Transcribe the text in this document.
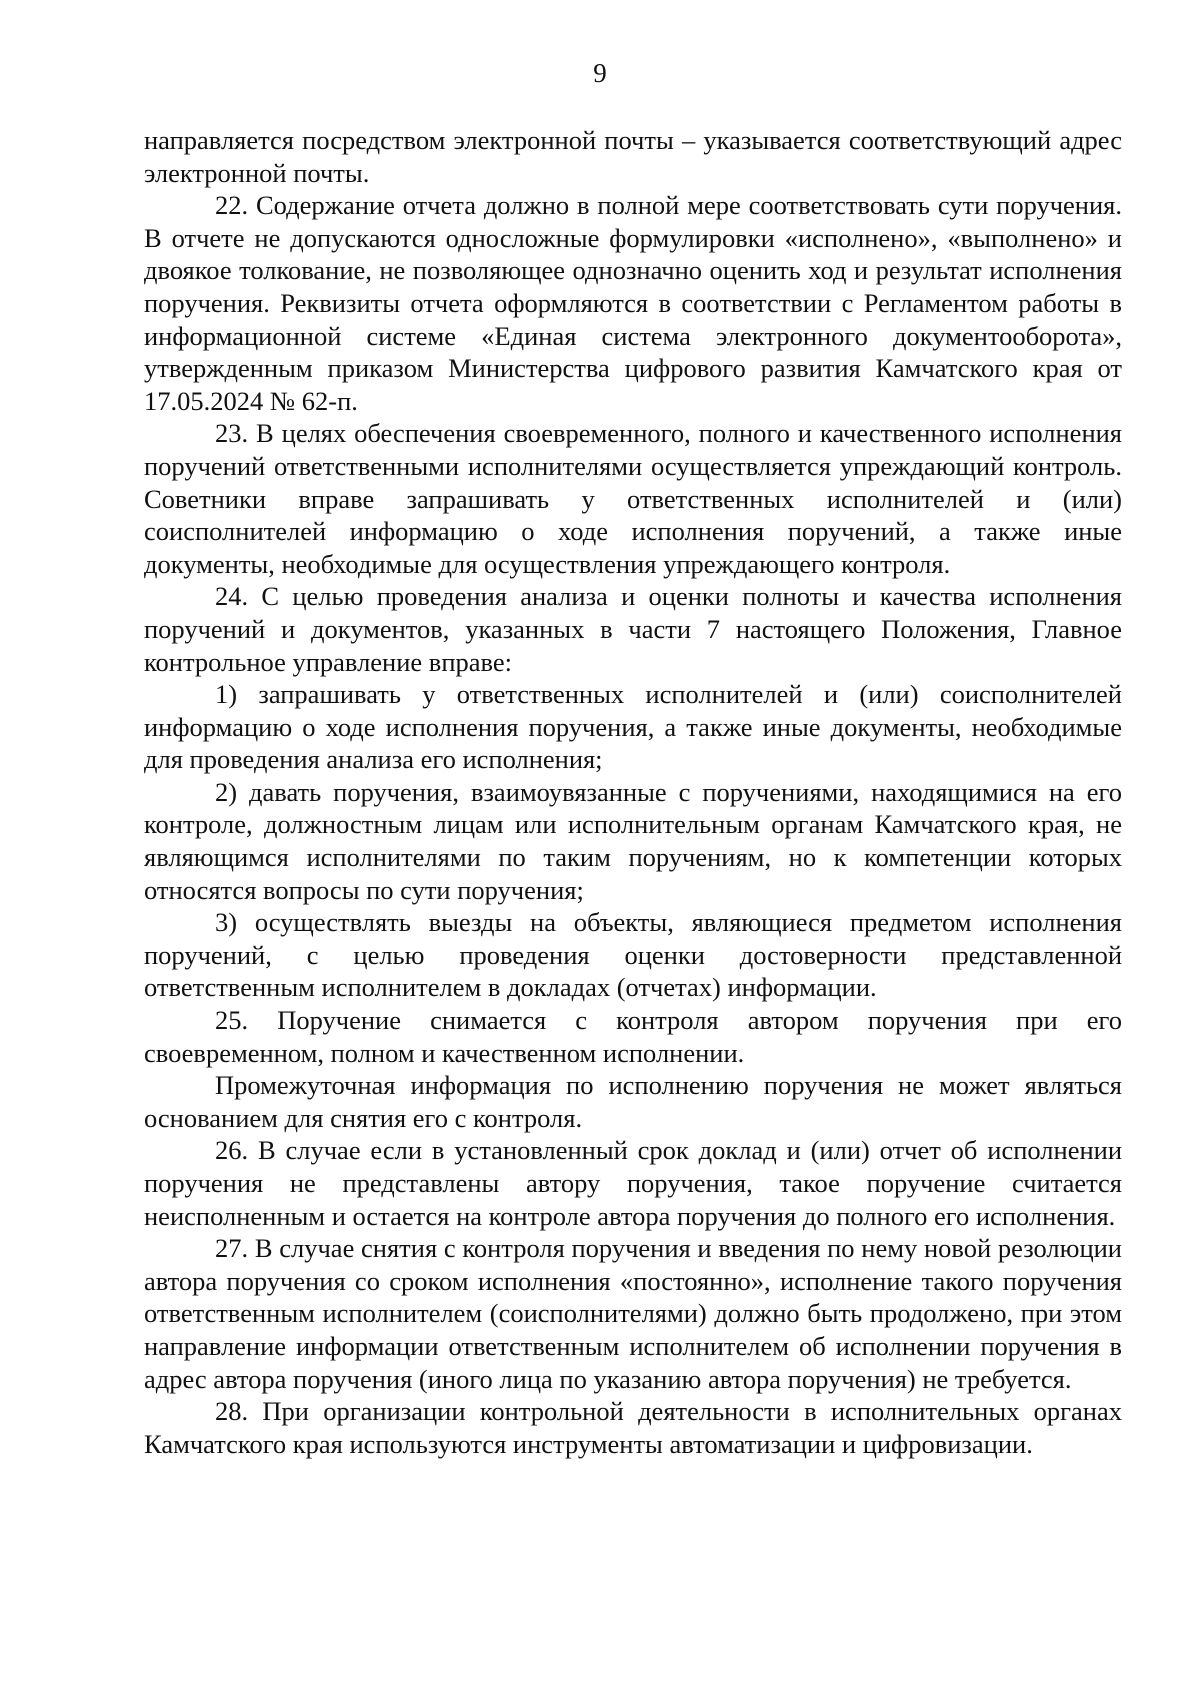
9

направляется посредством электронной почты – указывается соответствующий адрес электронной почты.

22. Содержание отчета должно в полной мере соответствовать сути поручения. В отчете не допускаются односложные формулировки «исполнено», «выполнено» и двоякое толкование, не позволяющее однозначно оценить ход и результат исполнения поручения. Реквизиты отчета оформляются в соответствии с Регламентом работы в информационной системе «Единая система электронного документооборота», утвержденным приказом Министерства цифрового развития Камчатского края от 17.05.2024 № 62-п.

23. В целях обеспечения своевременного, полного и качественного исполнения поручений ответственными исполнителями осуществляется упреждающий контроль. Советники вправе запрашивать у ответственных исполнителей и (или) соисполнителей информацию о ходе исполнения поручений, а также иные документы, необходимые для осуществления упреждающего контроля.

24. С целью проведения анализа и оценки полноты и качества исполнения поручений и документов, указанных в части 7 настоящего Положения, Главное контрольное управление вправе:

1) запрашивать у ответственных исполнителей и (или) соисполнителей информацию о ходе исполнения поручения, а также иные документы, необходимые для проведения анализа его исполнения;

2) давать поручения, взаимоувязанные с поручениями, находящимися на его контроле, должностным лицам или исполнительным органам Камчатского края, не являющимся исполнителями по таким поручениям, но к компетенции которых относятся вопросы по сути поручения;

3) осуществлять выезды на объекты, являющиеся предметом исполнения поручений, с целью проведения оценки достоверности представленной ответственным исполнителем в докладах (отчетах) информации.

25. Поручение снимается с контроля автором поручения при его своевременном, полном и качественном исполнении.

Промежуточная информация по исполнению поручения не может являться основанием для снятия его с контроля.

26. В случае если в установленный срок доклад и (или) отчет об исполнении поручения не представлены автору поручения, такое поручение считается неисполненным и остается на контроле автора поручения до полного его исполнения.

27. В случае снятия с контроля поручения и введения по нему новой резолюции автора поручения со сроком исполнения «постоянно», исполнение такого поручения ответственным исполнителем (соисполнителями) должно быть продолжено, при этом направление информации ответственным исполнителем об исполнении поручения в адрес автора поручения (иного лица по указанию автора поручения) не требуется.

28. При организации контрольной деятельности в исполнительных органах Камчатского края используются инструменты автоматизации и цифровизации.
